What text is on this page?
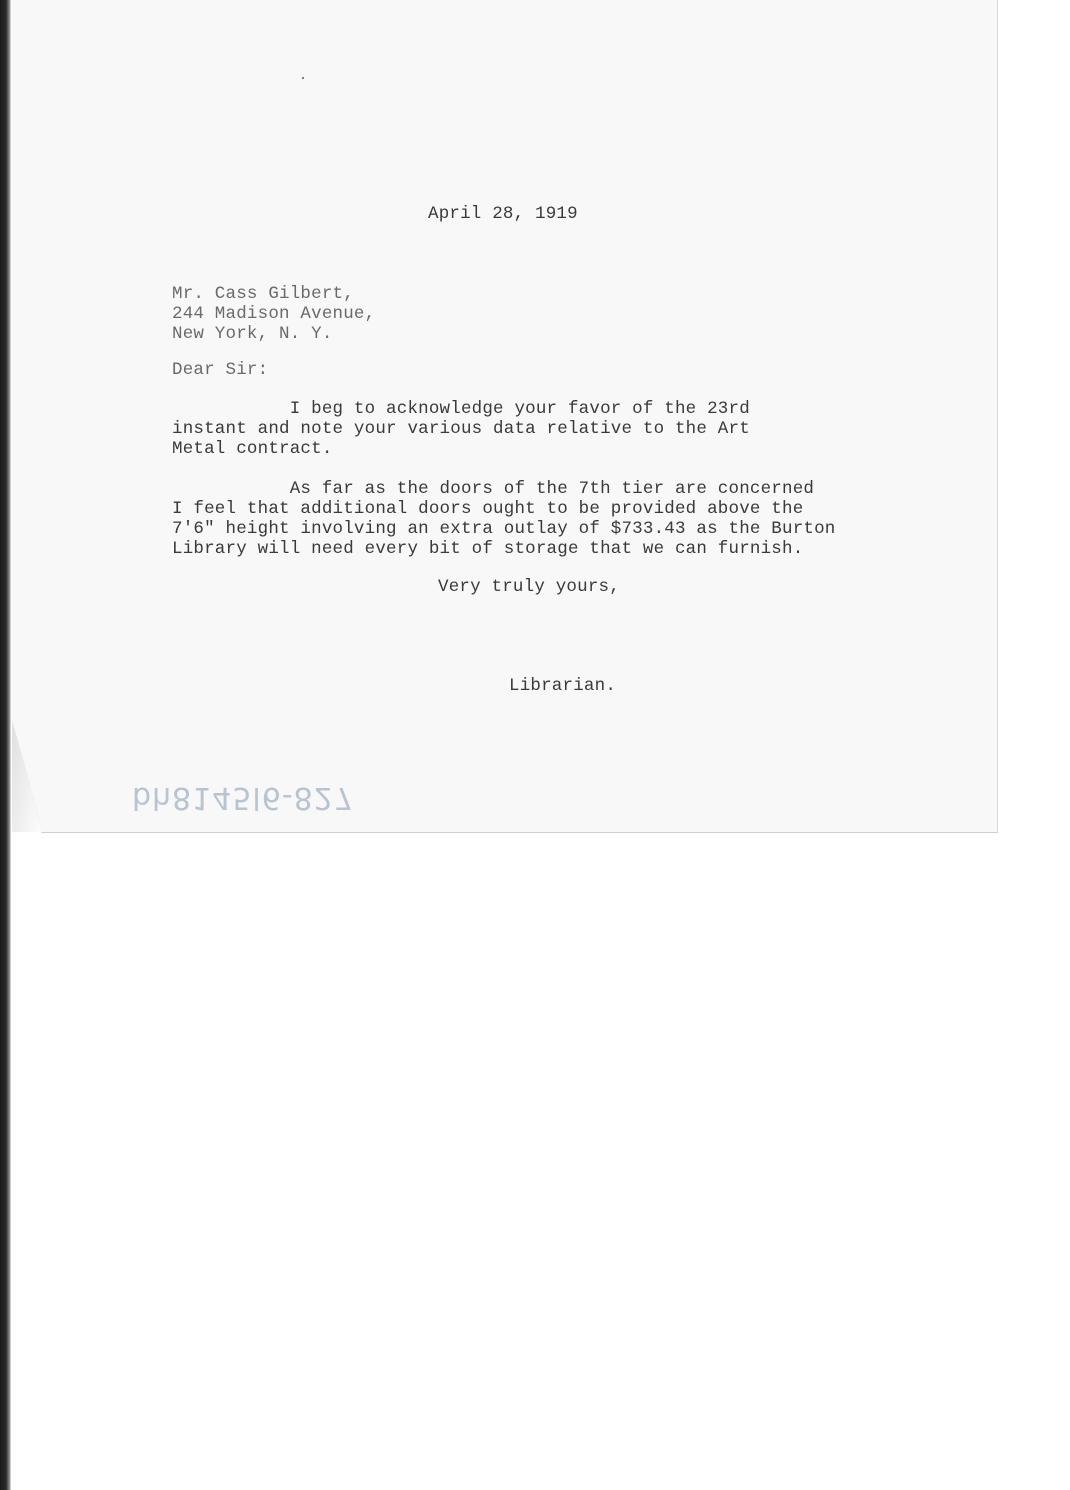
April 28, 1919

Mr. Cass Gilbert,
244 Madison Avenue,
New York, N. Y.

Dear Sir:

I beg to acknowledge your favor of the 23rd
instant and note your various data relative to the Art
Metal contract.

As far as the doors of the 7th tier are concerned
I feel that additional doors ought to be provided above the
7'6" height involving an extra outlay of $733.43 as the Burton
Library will need every bit of storage that we can furnish.

Very truly yours,

Librarian.

bh8145l6-827
